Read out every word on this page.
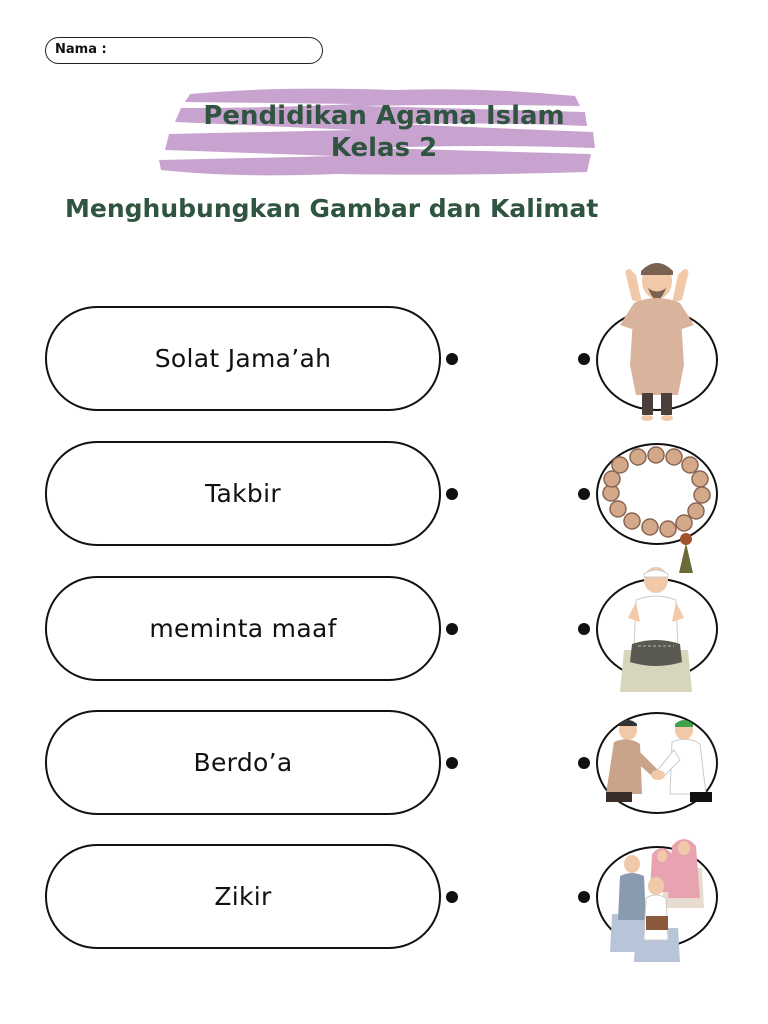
Nama :
Pendidikan Agama Islam
Kelas 2
Menghubungkan Gambar dan Kalimat
Solat Jama’ah
Takbir
meminta maaf
Berdo’a
Zikir
